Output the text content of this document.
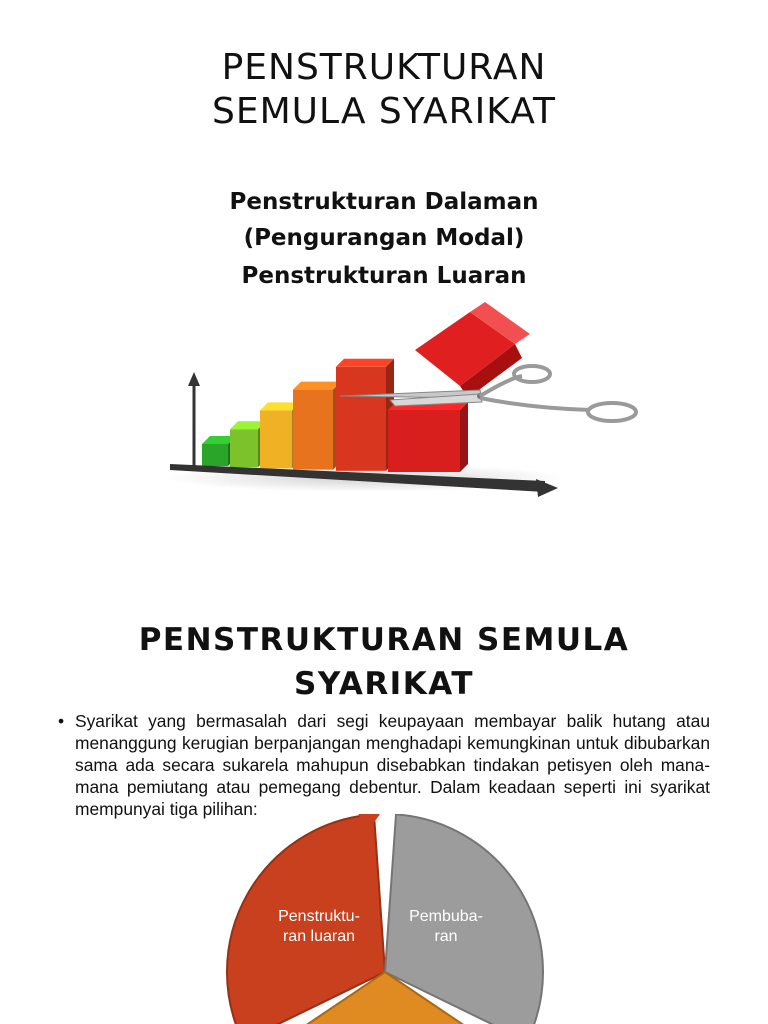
PENSTRUKTURAN
SEMULA SYARIKAT
Penstrukturan Dalaman
(Pengurangan Modal)
Penstrukturan Luaran
PENSTRUKTURAN SEMULA
SYARIKAT
• Syarikat yang bermasalah dari segi keupayaan membayar balik hutang atau menanggung kerugian berpanjangan menghadapi kemungkinan untuk dibubarkan sama ada secara sukarela mahupun disebabkan tindakan petisyen oleh mana-mana pemiutang atau pemegang debentur. Dalam keadaan seperti ini syarikat mempunyai tiga pilihan:
Penstruktu-
ran luaran
Pembuba-
ran
